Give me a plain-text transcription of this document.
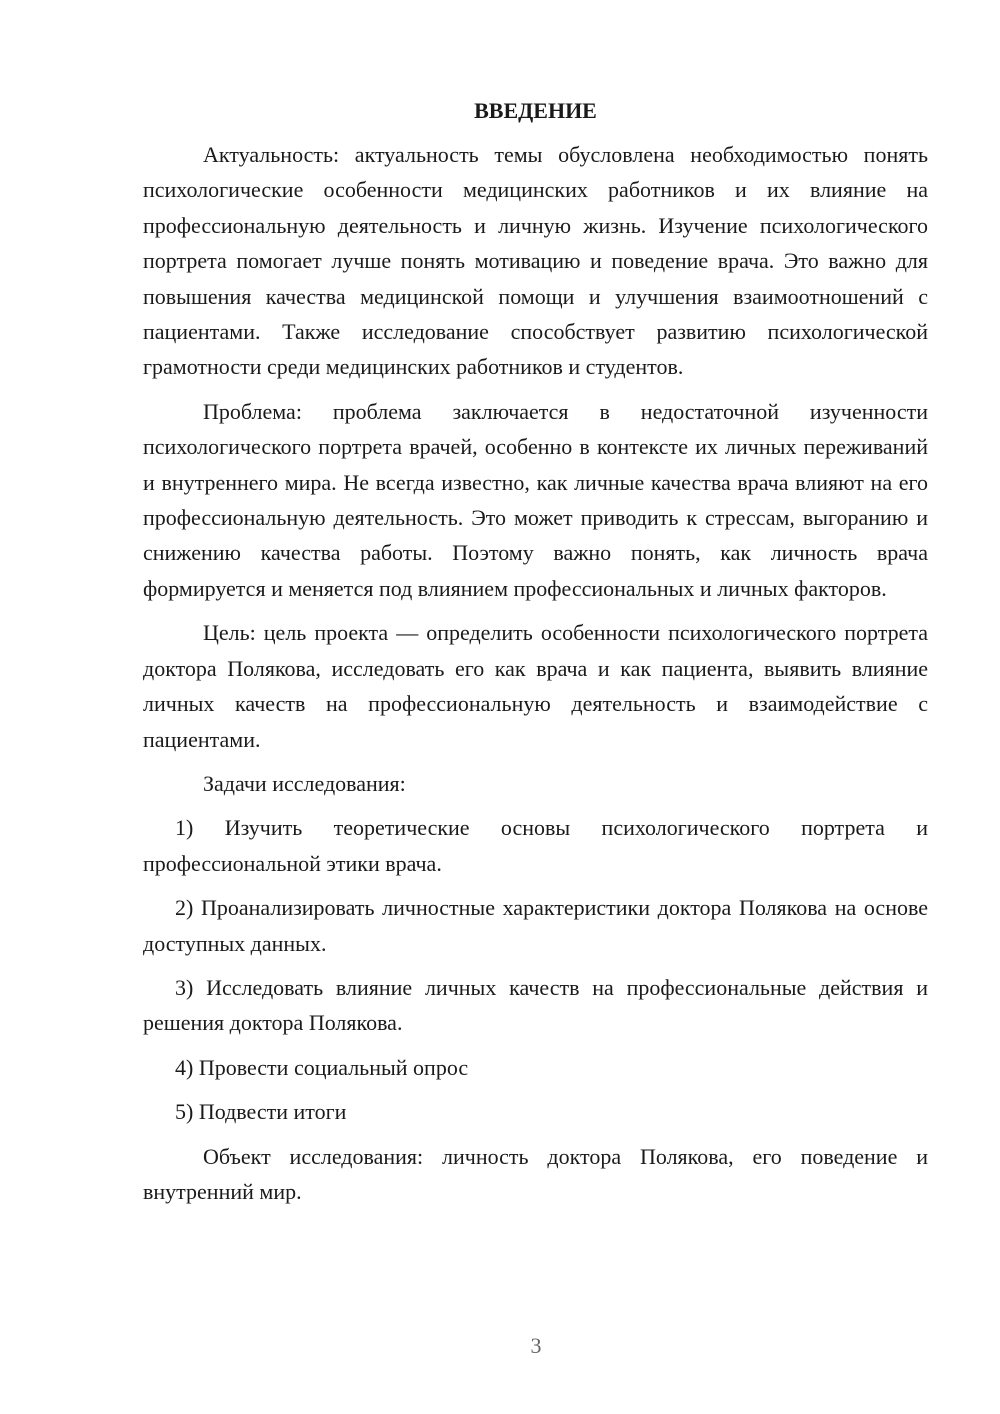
ВВЕДЕНИЕ

Актуальность: актуальность темы обусловлена необходимостью понять психологические особенности медицинских работников и их влияние на профессиональную деятельность и личную жизнь. Изучение психологического портрета помогает лучше понять мотивацию и поведение врача. Это важно для повышения качества медицинской помощи и улучшения взаимоотношений с пациентами. Также исследование способствует развитию психологической грамотности среди медицинских работников и студентов.

Проблема: проблема заключается в недостаточной изученности психологического портрета врачей, особенно в контексте их личных переживаний и внутреннего мира. Не всегда известно, как личные качества врача влияют на его профессиональную деятельность. Это может приводить к стрессам, выгоранию и снижению качества работы. Поэтому важно понять, как личность врача формируется и меняется под влиянием профессиональных и личных факторов.

Цель: цель проекта — определить особенности психологического портрета доктора Полякова, исследовать его как врача и как пациента, выявить влияние личных качеств на профессиональную деятельность и взаимодействие с пациентами.

Задачи исследования:

1) Изучить теоретические основы психологического портрета и профессиональной этики врача.

2) Проанализировать личностные характеристики доктора Полякова на основе доступных данных.

3) Исследовать влияние личных качеств на профессиональные действия и решения доктора Полякова.

4) Провести социальный опрос

5) Подвести итоги

Объект исследования: личность доктора Полякова, его поведение и внутренний мир.

3
